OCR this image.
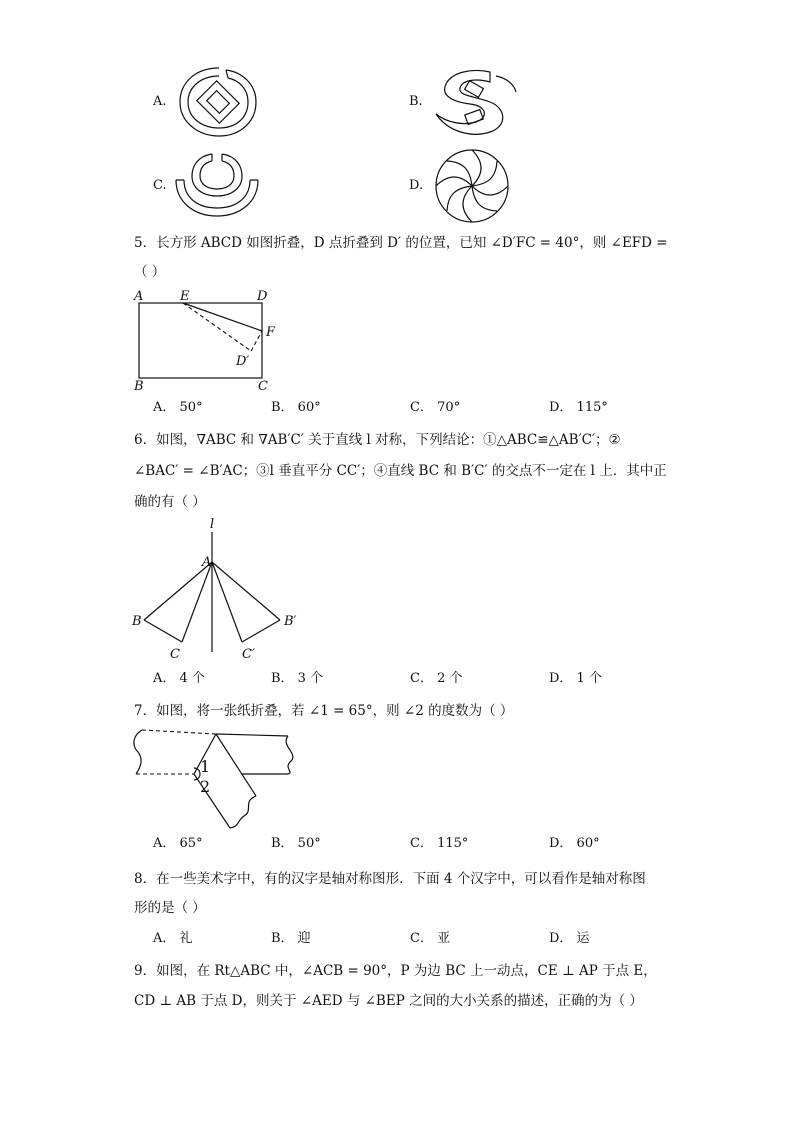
A.	B.
C.	D.
5．长方形 ABCD 如图折叠，D 点折叠到 D′ 的位置，已知 ∠D′FC = 40°，则 ∠EFD =
（ ）
A	E	D
F
D′
B	C
A． 50°	B． 60°	C． 70°	D． 115°
6．如图，∇ABC 和 ∇AB′C′ 关于直线 l 对称，下列结论：①△ABC≌△AB′C′；②
∠BAC′ = ∠B′AC；③l 垂直平分 CC′；④直线 BC 和 B′C′ 的交点不一定在 l 上．其中正
确的有（ ）
l
A
B	B′
C	C′
A． 4 个	B． 3 个	C． 2 个	D． 1 个
7．如图，将一张纸折叠，若 ∠1 = 65°，则 ∠2 的度数为（ ）
1
2
A． 65°	B． 50°	C． 115°	D． 60°
8．在一些美术字中，有的汉字是轴对称图形．下面 4 个汉字中，可以看作是轴对称图
形的是（ ）
A． 礼	B． 迎	C． 亚	D． 运
9．如图，在 Rt△ABC 中，∠ACB = 90°，P 为边 BC 上一动点，CE ⊥ AP 于点 E，
CD ⊥ AB 于点 D，则关于 ∠AED 与 ∠BEP 之间的大小关系的描述，正确的为（ ）
